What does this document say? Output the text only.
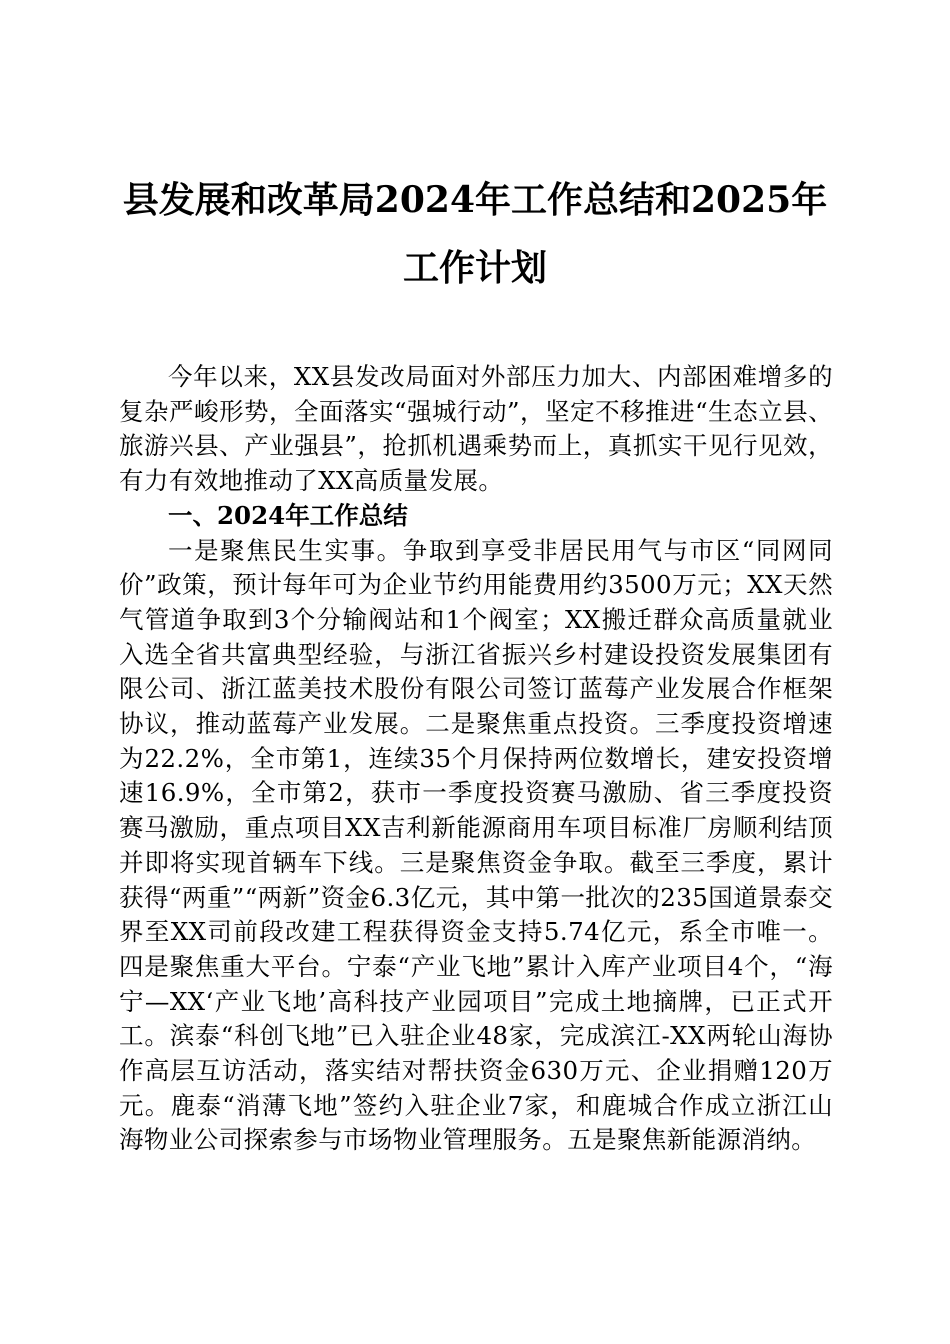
县发展和改革局2024年工作总结和2025年工作计划

今年以来，XX县发改局面对外部压力加大、内部困难增多的复杂严峻形势，全面落实“强城行动”，坚定不移推进“生态立县、旅游兴县、产业强县”，抢抓机遇乘势而上，真抓实干见行见效，有力有效地推动了XX高质量发展。

一、2024年工作总结

一是聚焦民生实事。争取到享受非居民用气与市区“同网同价”政策，预计每年可为企业节约用能费用约3500万元；XX天然气管道争取到3个分输阀站和1个阀室；XX搬迁群众高质量就业入选全省共富典型经验，与浙江省振兴乡村建设投资发展集团有限公司、浙江蓝美技术股份有限公司签订蓝莓产业发展合作框架协议，推动蓝莓产业发展。二是聚焦重点投资。三季度投资增速为22.2%，全市第1，连续35个月保持两位数增长，建安投资增速16.9%，全市第2，获市一季度投资赛马激励、省三季度投资赛马激励，重点项目XX吉利新能源商用车项目标准厂房顺利结顶并即将实现首辆车下线。三是聚焦资金争取。截至三季度，累计获得“两重”“两新”资金6.3亿元，其中第一批次的235国道景泰交界至XX司前段改建工程获得资金支持5.74亿元，系全市唯一。四是聚焦重大平台。宁泰“产业飞地”累计入库产业项目4个，“海宁—XX‘产业飞地’高科技产业园项目”完成土地摘牌，已正式开工。滨泰“科创飞地”已入驻企业48家，完成滨江-XX两轮山海协作高层互访活动，落实结对帮扶资金630万元、企业捐赠120万元。鹿泰“消薄飞地”签约入驻企业7家，和鹿城合作成立浙江山海物业公司探索参与市场物业管理服务。五是聚焦新能源消纳。
